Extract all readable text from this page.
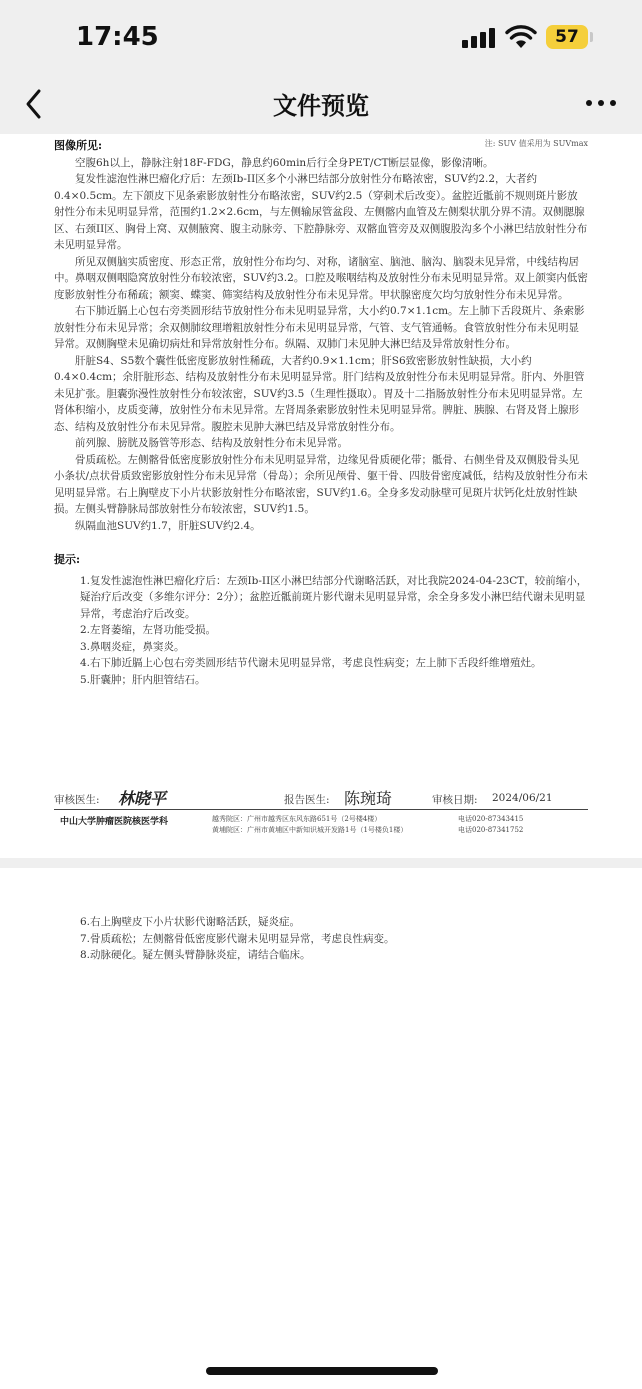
17:45	57
文件预览
注: SUV 值采用为 SUVmax
图像所见:

空腹6h以上，静脉注射18F-FDG，静息约60min后行全身PET/CT断层显像，影像清晰。

复发性滤泡性淋巴瘤化疗后：左颈Ib-II区多个小淋巴结部分放射性分布略浓密，SUV约2.2，大者约0.4×0.5cm。左下颌皮下见条索影放射性分布略浓密，SUV约2.5（穿刺术后改变）。盆腔近骶前不规则斑片影放射性分布未见明显异常，范围约1.2×2.6cm，与左侧输尿管盆段、左侧髂内血管及左侧梨状肌分界不清。双侧腮腺区、右颈II区、胸骨上窝、双侧腋窝、腹主动脉旁、下腔静脉旁、双髂血管旁及双侧腹股沟多个小淋巴结放射性分布未见明显异常。

所见双侧脑实质密度、形态正常，放射性分布均匀、对称，诸脑室、脑池、脑沟、脑裂未见异常，中线结构居中。鼻咽双侧咽隐窝放射性分布较浓密，SUV约3.2。口腔及喉咽结构及放射性分布未见明显异常。双上颌窦内低密度影放射性分布稀疏；额窦、蝶窦、筛窦结构及放射性分布未见异常。甲状腺密度欠均匀放射性分布未见异常。

右下肺近膈上心包右旁类圆形结节放射性分布未见明显异常，大小约0.7×1.1cm。左上肺下舌段斑片、条索影放射性分布未见异常；余双侧肺纹理增粗放射性分布未见明显异常，气管、支气管通畅。食管放射性分布未见明显异常。双侧胸壁未见确切病灶和异常放射性分布。纵隔、双肺门未见肿大淋巴结及异常放射性分布。

肝脏S4、S5数个囊性低密度影放射性稀疏，大者约0.9×1.1cm；肝S6致密影放射性缺损，大小约0.4×0.4cm；余肝脏形态、结构及放射性分布未见明显异常。肝门结构及放射性分布未见明显异常。肝内、外胆管未见扩张。胆囊弥漫性放射性分布较浓密，SUV约3.5（生理性摄取）。胃及十二指肠放射性分布未见明显异常。左肾体积缩小，皮质变薄，放射性分布未见异常。左肾周条索影放射性未见明显异常。脾脏、胰腺、右肾及肾上腺形态、结构及放射性分布未见异常。腹腔未见肿大淋巴结及异常放射性分布。

前列腺、膀胱及肠管等形态、结构及放射性分布未见异常。

骨质疏松。左侧髂骨低密度影放射性分布未见明显异常，边缘见骨质硬化带；骶骨、右侧坐骨及双侧股骨头见小条状/点状骨质致密影放射性分布未见异常（骨岛）；余所见颅骨、躯干骨、四肢骨密度减低，结构及放射性分布未见明显异常。右上胸壁皮下小片状影放射性分布略浓密，SUV约1.6。全身多发动脉壁可见斑片状钙化灶放射性缺损。左侧头臂静脉局部放射性分布较浓密，SUV约1.5。

纵隔血池SUV约1.7，肝脏SUV约2.4。

提示:

1.复发性滤泡性淋巴瘤化疗后：左颈Ib-II区小淋巴结部分代谢略活跃，对比我院2024-04-23CT，较前缩小，疑治疗后改变（多维尔评分：2分）；盆腔近骶前斑片影代谢未见明显异常，余全身多发小淋巴结代谢未见明显异常，考虑治疗后改变。

2.左肾萎缩，左肾功能受损。

3.鼻咽炎症，鼻窦炎。

4.右下肺近膈上心包右旁类圆形结节代谢未见明显异常，考虑良性病变；左上肺下舌段纤维增殖灶。

5.肝囊肿；肝内胆管结石。

审核医生: 林晓平	报告医生: 陈琬琦	审核日期: 2024/06/21
中山大学肿瘤医院核医学科	越秀院区：广州市越秀区东风东路651号（2号楼4楼）
黄埔院区：广州市黄埔区中新知识城开发路1号（1号楼负1楼）
电话020-87343415
电话020-87341752

6.右上胸壁皮下小片状影代谢略活跃，疑炎症。

7.骨质疏松；左侧髂骨低密度影代谢未见明显异常，考虑良性病变。

8.动脉硬化。疑左侧头臂静脉炎症，请结合临床。
